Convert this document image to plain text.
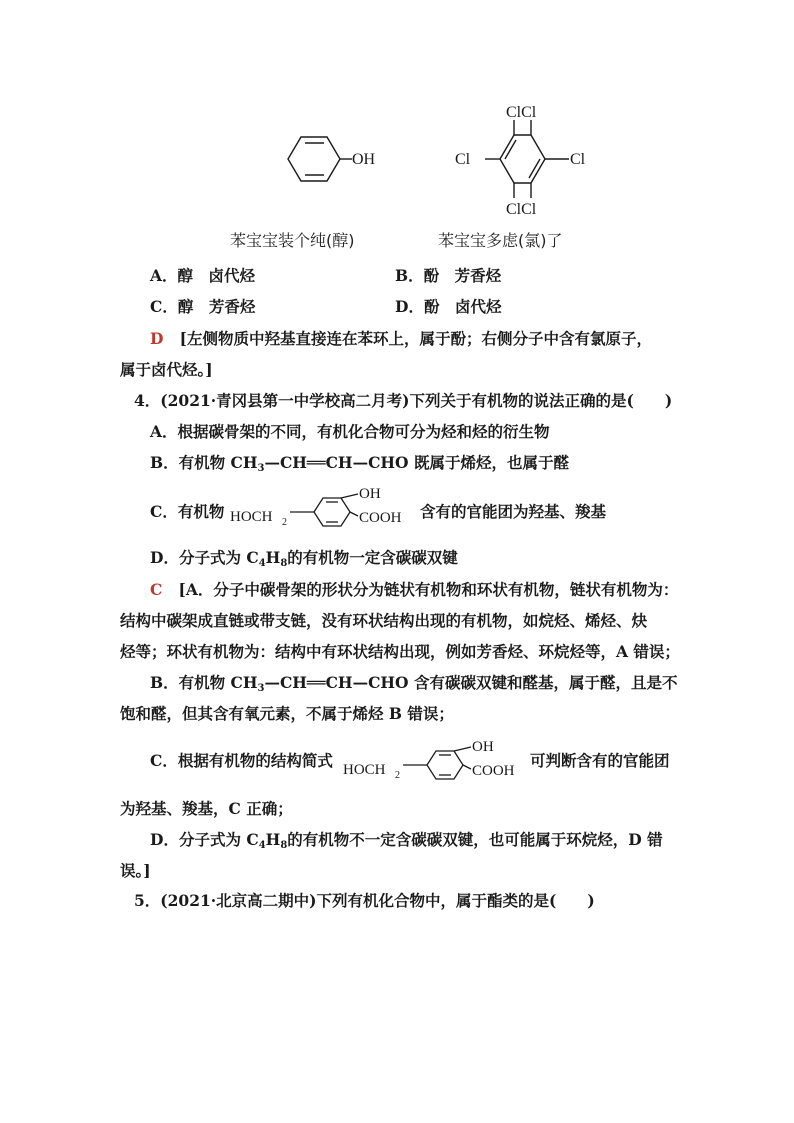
OH
ClCl
Cl	Cl
ClCl
苯宝宝装个纯(醇)	苯宝宝多虑(氯)了
A．醇　卤代烃	B．酚　芳香烃
C．醇　芳香烃	D．酚　卤代烃
D [左侧物质中羟基直接连在苯环上，属于酚；右侧分子中含有氯原子，
属于卤代烃。]
4．(2021·青冈县第一中学校高二月考)下列关于有机物的说法正确的是(　　)
A．根据碳骨架的不同，有机化合物可分为烃和烃的衍生物
B．有机物 $CH_3—CH══CH—CHO$ 既属于烯烃，也属于醛
C．有机物 HOCH 2
OH
COOH 含有的官能团为羟基、羧基
D．分子式为 $C_4H_8$的有机物一定含碳碳双键
C [A．分子中碳骨架的形状分为链状有机物和环状有机物，链状有机物为：
结构中碳架成直链或带支链，没有环状结构出现的有机物，如烷烃、烯烃、炔
烃等；环状有机物为：结构中有环状结构出现，例如芳香烃、环烷烃等，A 错误；
B．有机物 $CH_3—CH══CH—CHO$ 含有碳碳双键和醛基，属于醛，且是不
饱和醛，但其含有氧元素，不属于烯烃 B 错误；
C．根据有机物的结构简式 HOCH 2
OH
COOH
可判断含有的官能团
为羟基、羧基，C 正确；
D．分子式为 $C_4H_8$的有机物不一定含碳碳双键，也可能属于环烷烃，D 错
误。]
5．(2021·北京高二期中)下列有机化合物中，属于酯类的是(　　)
